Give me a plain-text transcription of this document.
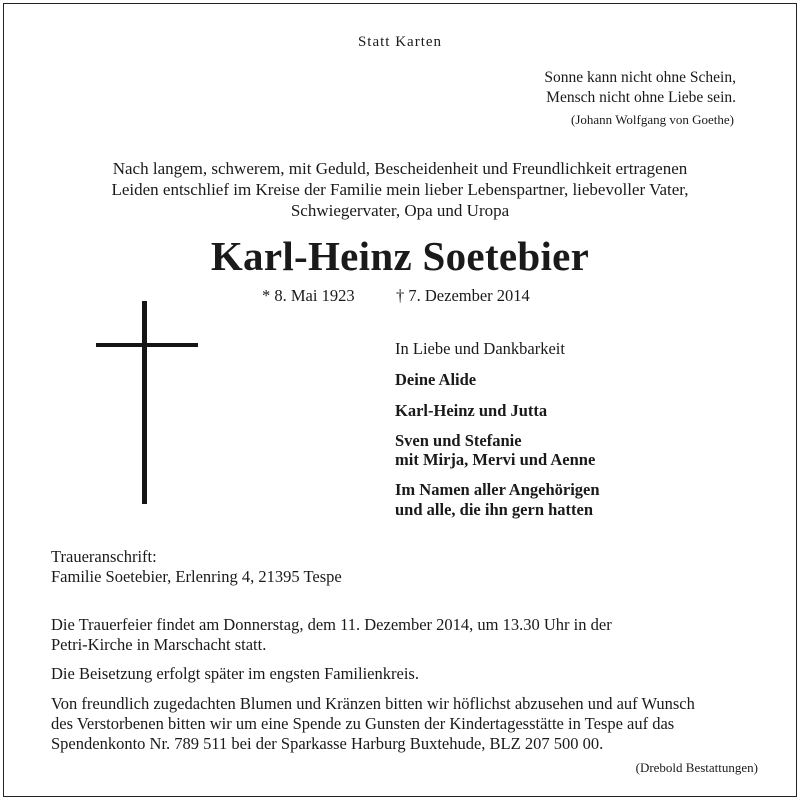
Statt Karten
Sonne kann nicht ohne Schein,
Mensch nicht ohne Liebe sein.
(Johann Wolfgang von Goethe)
Nach langem, schwerem, mit Geduld, Bescheidenheit und Freundlichkeit ertragenen
Leiden entschlief im Kreise der Familie mein lieber Lebenspartner, liebevoller Vater,
Schwiegervater, Opa und Uropa
Karl-Heinz Soetebier
* 8. Mai 1923	† 7. Dezember 2014
In Liebe und Dankbarkeit
Deine Alide
Karl-Heinz und Jutta
Sven und Stefanie
mit Mirja, Mervi und Aenne
Im Namen aller Angehörigen
und alle, die ihn gern hatten
Traueranschrift:
Familie Soetebier, Erlenring 4, 21395 Tespe
Die Trauerfeier findet am Donnerstag, dem 11. Dezember 2014, um 13.30 Uhr in der
Petri-Kirche in Marschacht statt.
Die Beisetzung erfolgt später im engsten Familienkreis.
Von freundlich zugedachten Blumen und Kränzen bitten wir höflichst abzusehen und auf Wunsch
des Verstorbenen bitten wir um eine Spende zu Gunsten der Kindertagesstätte in Tespe auf das
Spendenkonto Nr. 789 511 bei der Sparkasse Harburg Buxtehude, BLZ 207 500 00.
(Drebold Bestattungen)
